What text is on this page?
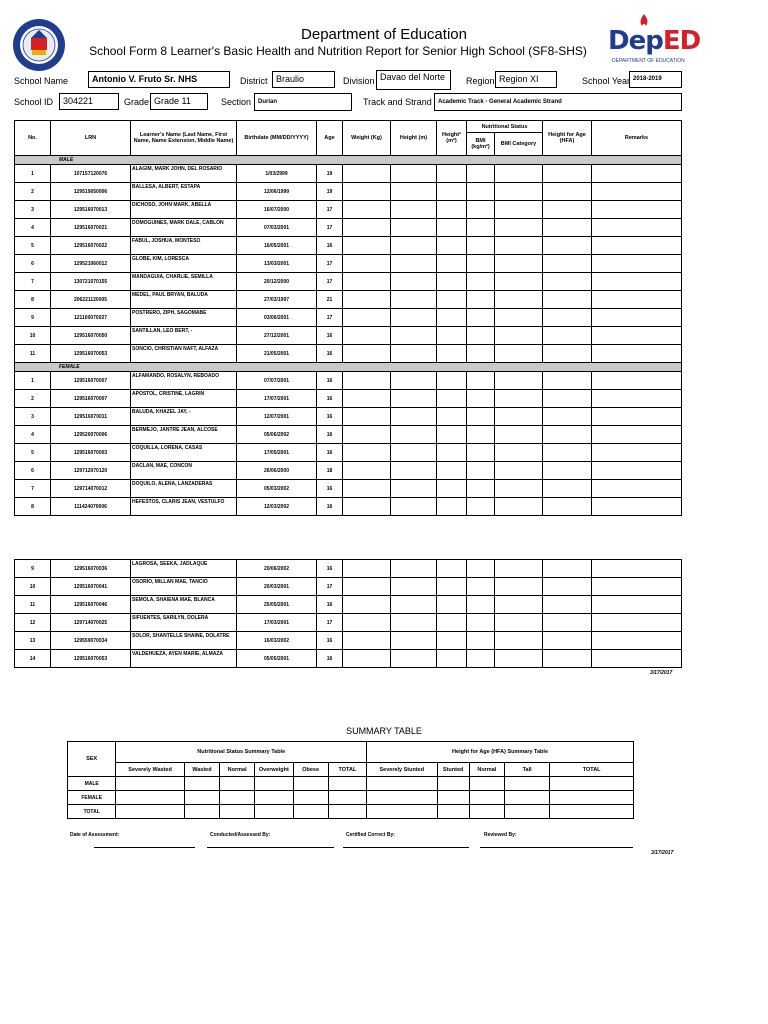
DepED
DEPARTMENT OF EDUCATION
Department of Education
School Form 8 Learner's Basic Health and Nutrition Report for Senior High School (SF8-SHS)
School Name	Antonio V. Fruto Sr. NHS	District Braulio	Division Davao del Norte	Region Region XI	School Year 2018-2019
School ID	304221	Grade Grade 11	Section	Durian	Track and Strand	Academic Track - General Academic Strand
No.	LRN	Learner's Name (Last Name, First Name, Name Extension, Middle Name)	Birthdate (MM/DD/YYYY)	Age	Weight (Kg)	Height (m)	Height² (m²)	Nutritional Status		Height for Age (HFA)	Remarks
								BMI (kg/m²)	BMI Category		
MALE											
1	107157120076	ALAGIM, MARK JOHN, DEL ROSARIO	1/03/2999	19							
2	129519050006	BALLESA, ALBERT, ESTAPA	12/06/1999	19							
3	129516070013	DICHOSO, JOHN MARK, ABELLA	16/07/2000	17							
4	129516070021	DOMOGUINES, MARK DALE, CABLON	07/03/2001	17							
5	129516070022	FABUL, JOSHUA, MONTESO	16/05/2001	16							
6	129521060012	GLOBE, KIM, LORESCA	13/03/2001	17							
7	130721070155	MANDAGUIA, CHARLIE, SEMILLA	20/12/2000	17							
8	206221120005	MEDEL, PAUL BRYAN, BALUDA	27/03/1997	21							
9	121100070027	POSTRERO, ZIPH, SAGOMABE	03/06/2001	17							
10	129516070050	SANTILLAN, LEO BERT, -	27/12/2001	16							
11	129516070053	SONCIO, CHRISTIAN NAFT, ALFAZA	21/05/2001	16							
FEMALE											
1	129516070007	ALFAMANDO, ROSALYN, REBOADO	07/07/2001	16							
2	129516070007	APOSTOL, CRISTINE, LAGRIN	17/07/2001	16							
3	129516070011	BALUDA, KHAZEL JAY, -	12/07/2001	16							
4	129520070006	BERMEJO, JANTRE JEAN, ALCOSE	05/06/2002	16							
5	129516070003	COQUILLA, LORENA, CASAS	17/05/2001	16							
6	129712070120	DACLAN, MAE, CONCON	26/06/2000	18							
7	129714070012	DOQUILO, ALENA, LANZADERAS	05/03/2002	16							
8	111424070006	HEFESTOS, CLARIS JEAN, VESTULFO	12/03/2002	16							
9	129516070036	LAGROSA, SEEKA, JADLAQUE	20/06/2002	16							
10	129516070041	OSORIO, MILLAN MAE, TANCIO	20/03/2001	17							
11	129516070046	SEMOLA, SHAIENA MAE, BLANCA	25/05/2001	16							
12	129714070025	SIFUENTES, SARILYN, DOLERA	17/03/2001	17							
13	129559070034	SOLOR, SHANTELLE SHAINE, DOLATRE	16/03/2002	16							
14	129516070053	VALDEHUEZA, AYEN MARIE, ALMAZA	05/05/2001	16							
3/17/2017
SUMMARY TABLE
SEX	Nutritional Status Summary Table						Height for Age (HFA) Summary Table				
	Severely Wasted	Wasted	Normal	Overweight	Obese	TOTAL	Severely Stunted	Stunted	Normal	Tall	TOTAL
MALE											
FEMALE											
TOTAL											
Date of Assessment:	Conducted/Assessed By:	Certified Correct By:	Reviewed By:
3/17/2017
